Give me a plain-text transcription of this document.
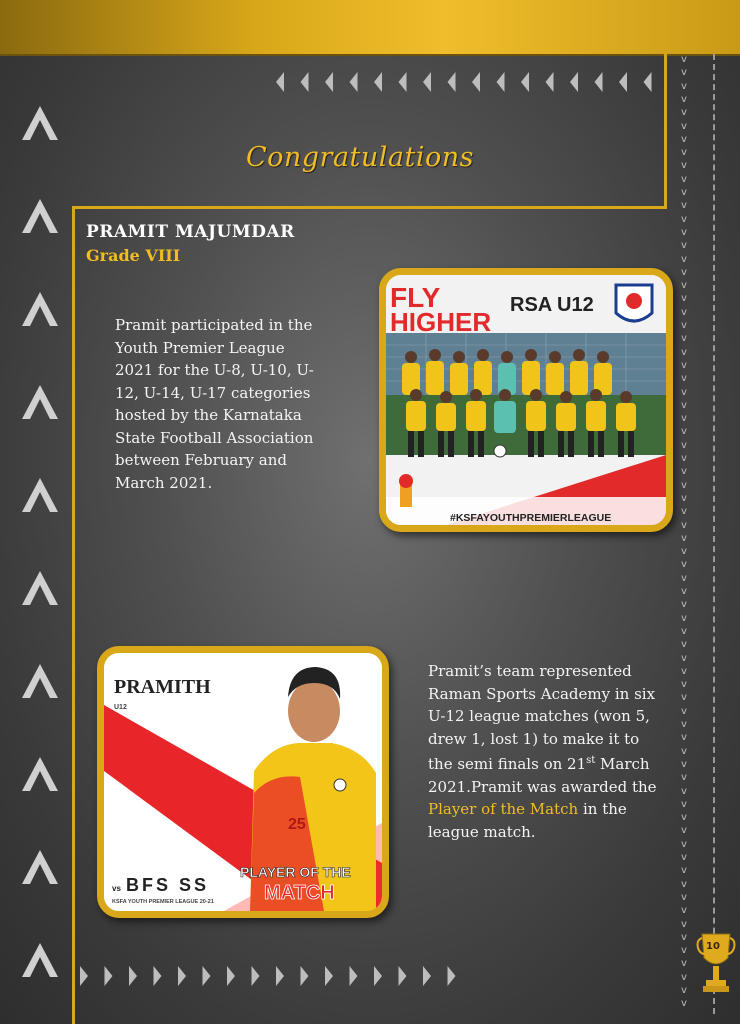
v
v
v
v
v
v
v
v
v
v
v
v
v
v
v
v
v
v
v
v
v
v
v
v
v
v
v
v
v
v
v
v
v
v
v
v
v
v
v
v
v
v
v
v
v
v
v
v
v
v
v
v
v
v
v
v
v
v
v
v
v
v
v
v
v
v
v
v
v
v
v
v
Congratulations
PRAMIT MAJUMDAR
Grade VIII
Pramit participated in the Youth Premier League 2021 for the U-8, U-10, U-12, U-14, U-17 categories hosted by the Karnataka State Football Association between February and March 2021.
Pramit’s team represented Raman Sports Academy in six U-12 league matches (won 5, drew 1, lost 1) to make it to the semi finals on 21st March 2021.Pramit was awarded the Player of the Match in the league match.
FLY
HIGHER
RSA U12
#KSFAYOUTHPREMIERLEAGUE
25
PRAMITH
U12
PLAYER OF THE
MATCH
vs BFS SS
KSFA YOUTH PREMIER LEAGUE 20-21
10
